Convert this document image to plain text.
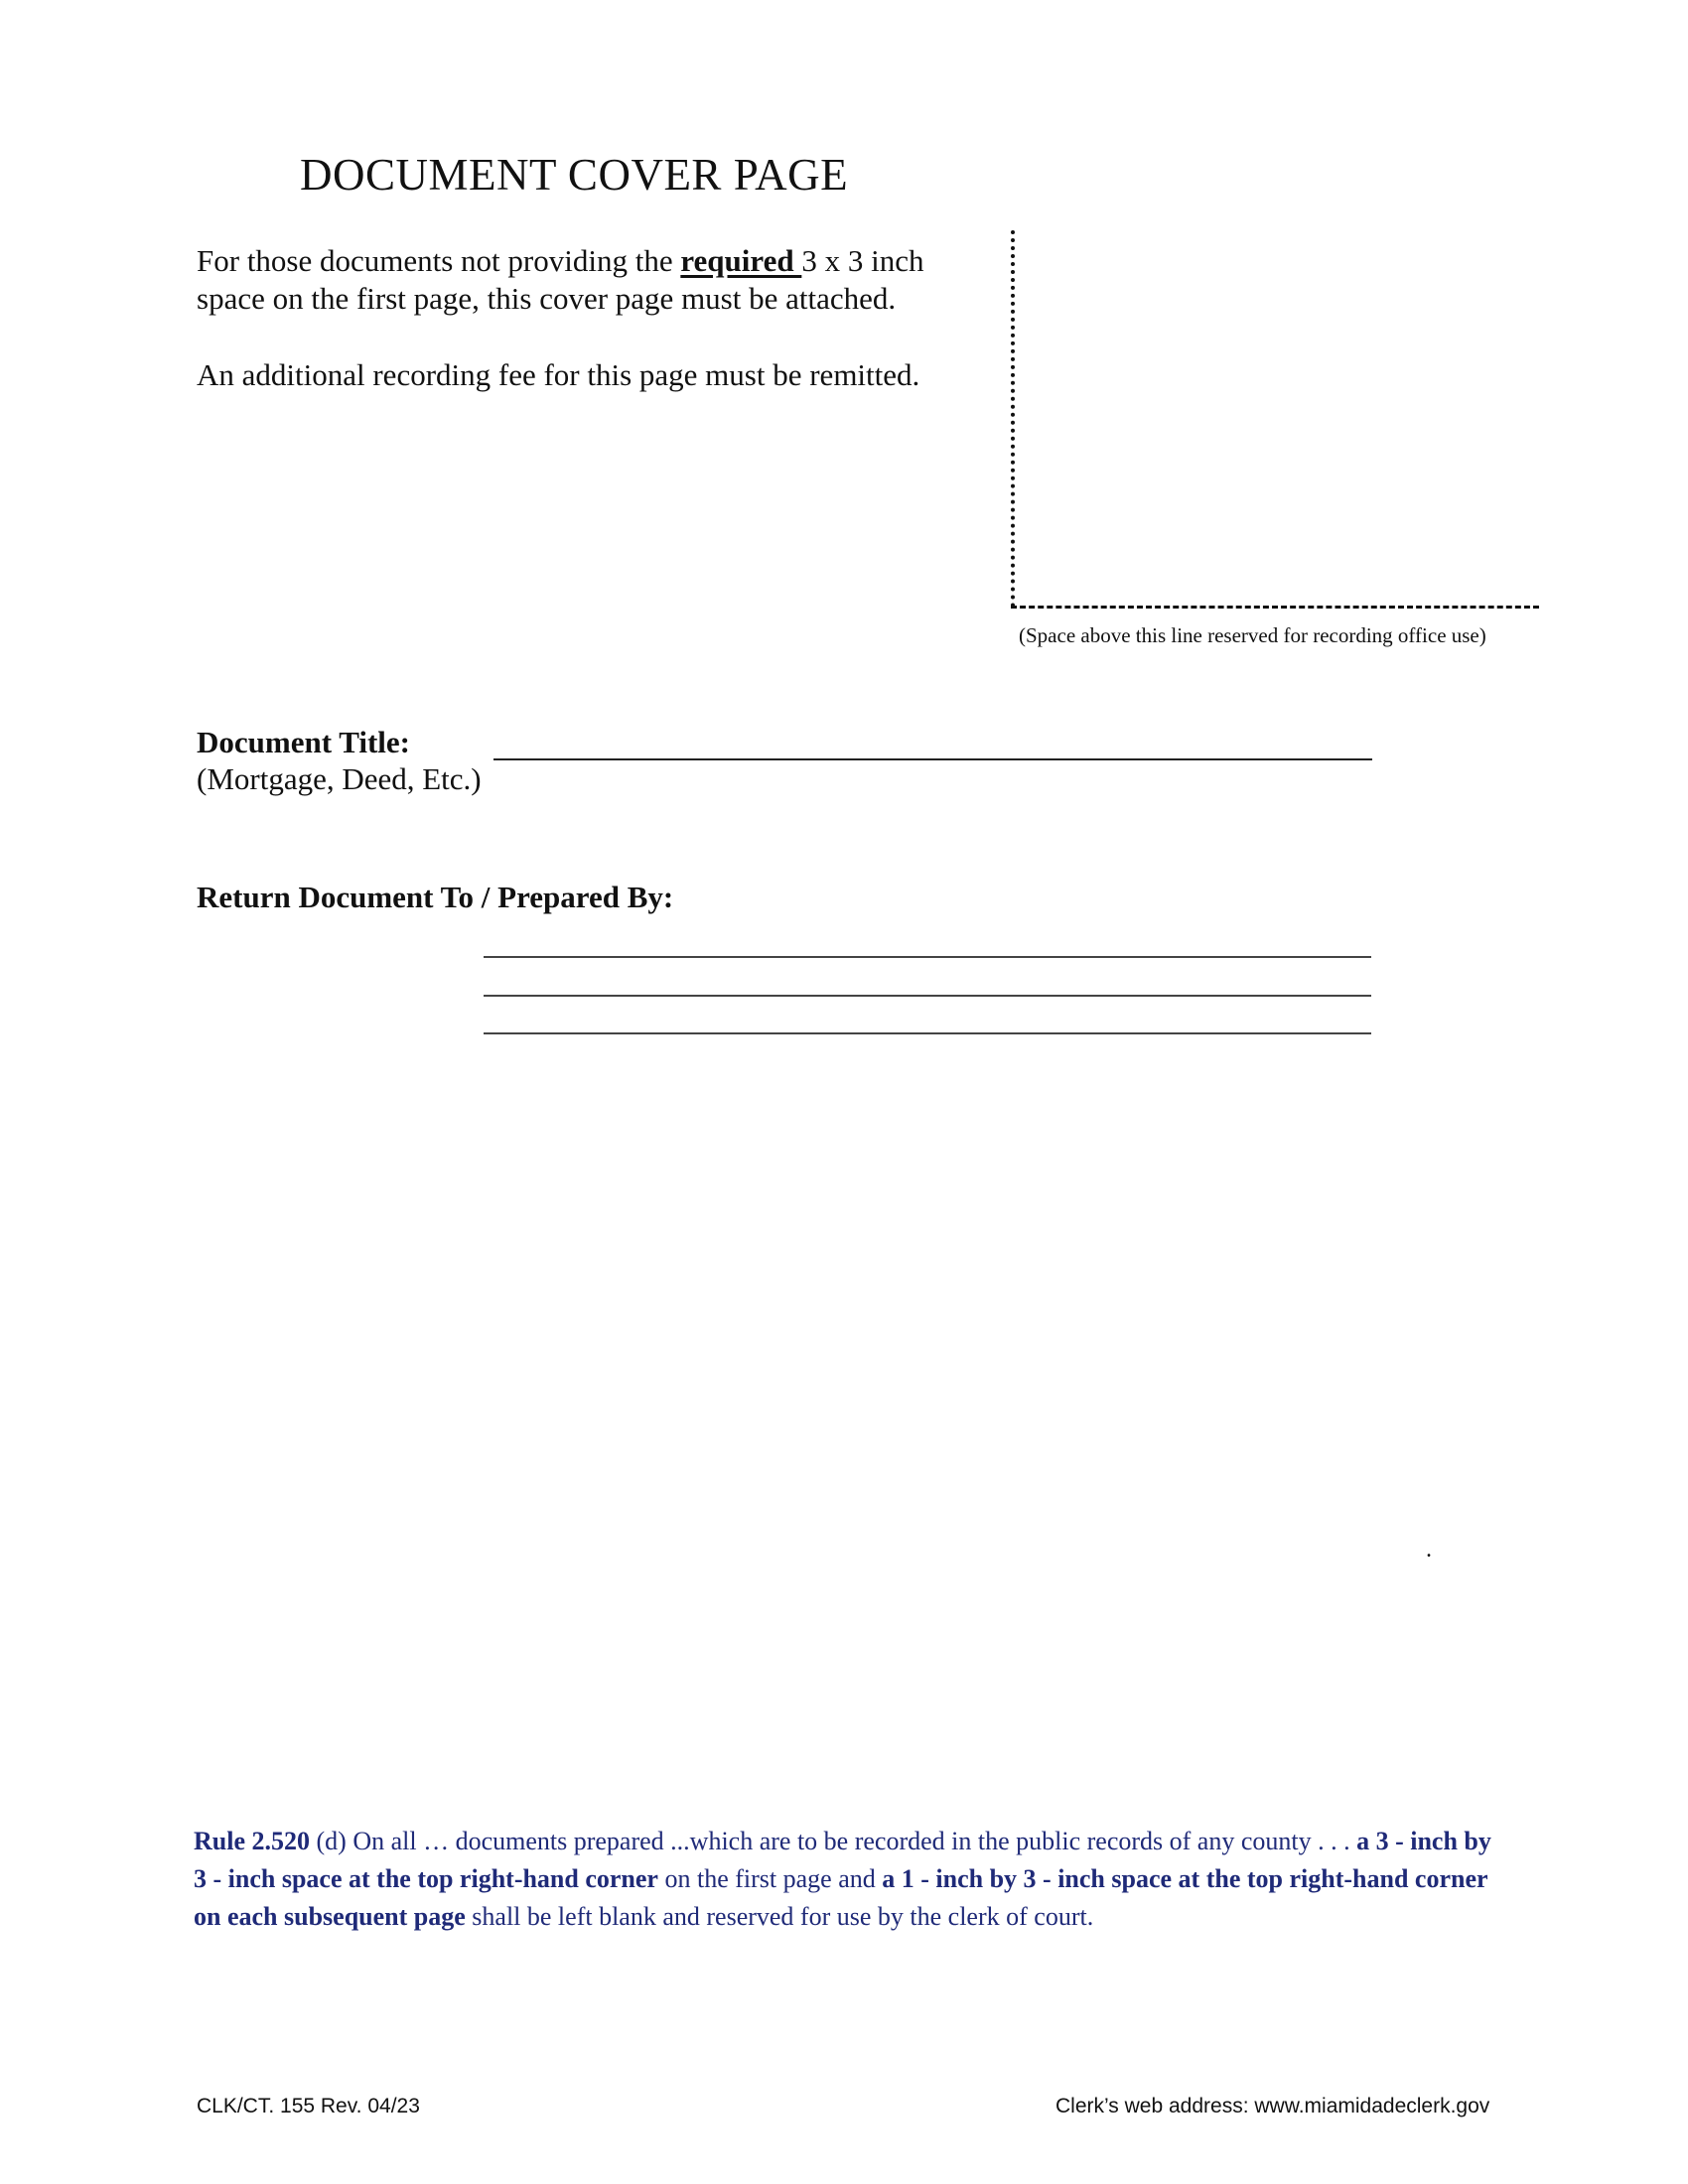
DOCUMENT COVER PAGE
For those documents not providing the required 3 x 3 inch
space on the first page, this cover page must be attached.
An additional recording fee for this page must be remitted.
(Space above this line reserved for recording office use)
Document Title:
(Mortgage, Deed, Etc.)
Return Document To / Prepared By:
.
Rule 2.520 (d) On all … documents prepared ...which are to be recorded in the public records of any county . . . a 3 - inch by
3 - inch space at the top right-hand corner on the first page and a 1 - inch by 3 - inch space at the top right-hand corner
on each subsequent page shall be left blank and reserved for use by the clerk of court.
CLK/CT. 155 Rev. 04/23	Clerk’s web address: www.miamidadeclerk.gov
